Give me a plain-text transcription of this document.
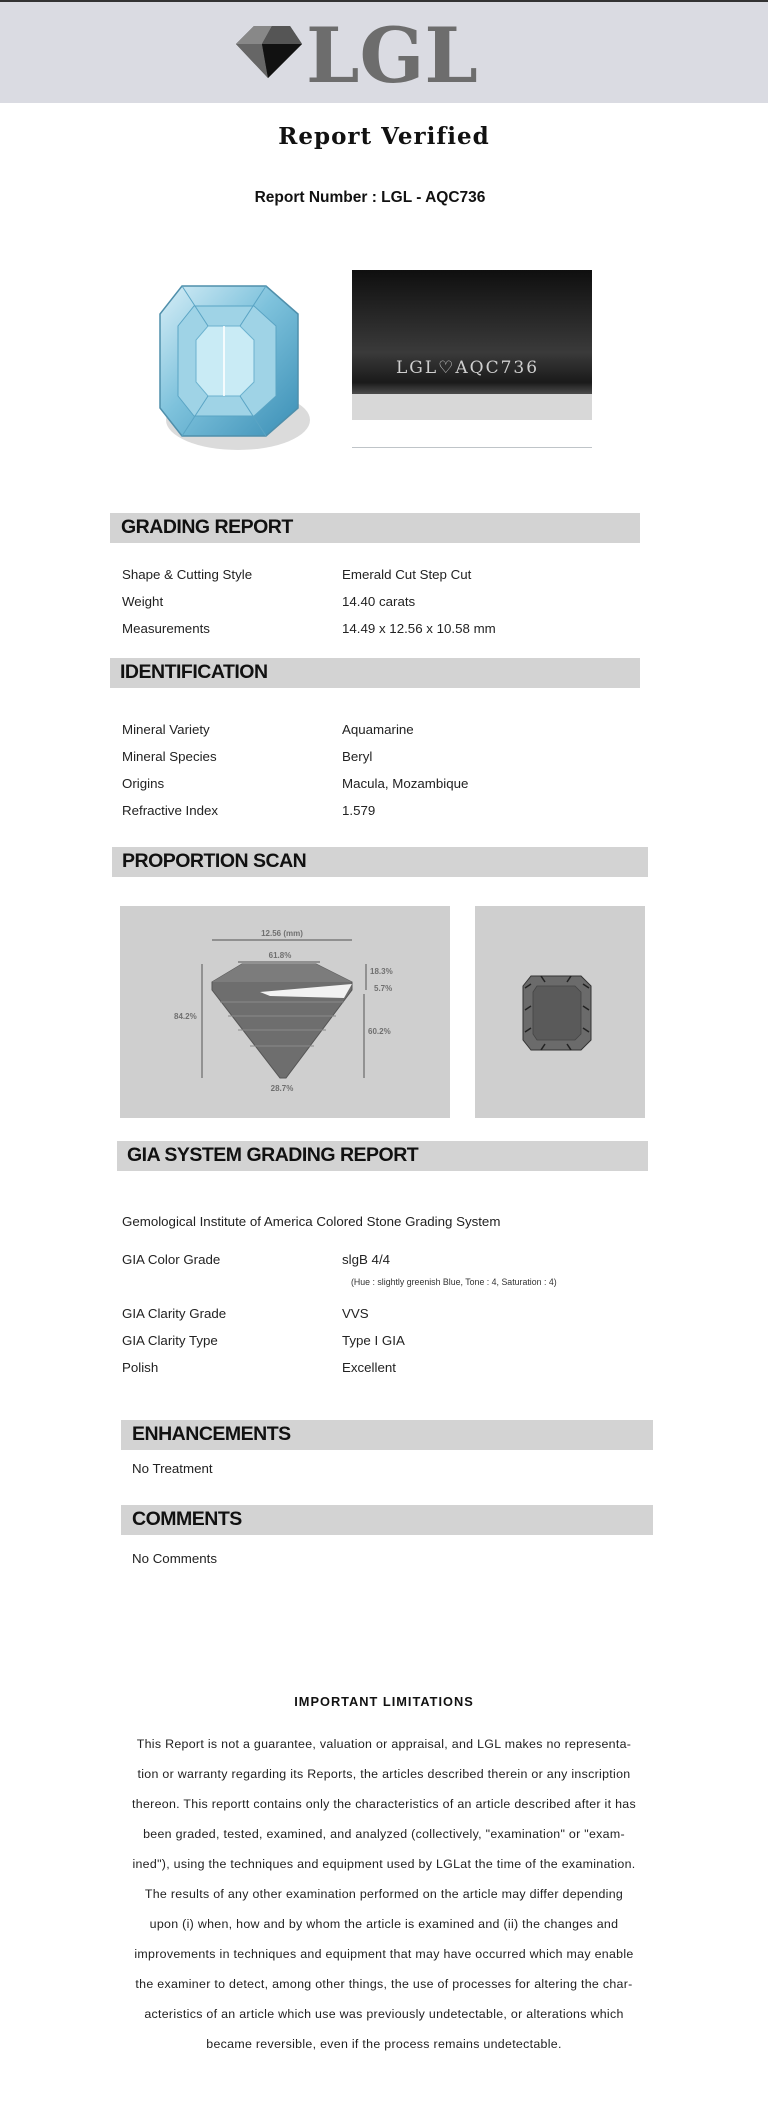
LGL
Report Verified
Report Number : LGL - AQC736
LGL♡AQC736
GRADING REPORT
Shape & Cutting Style	Emerald Cut Step Cut
Weight	14.40 carats
Measurements	14.49 x 12.56 x 10.58 mm
IDENTIFICATION
Mineral Variety	Aquamarine
Mineral Species	Beryl
Origins	Macula, Mozambique
Refractive Index	1.579
PROPORTION SCAN
12.56 (mm)
61.8%
84.2%
18.3%
5.7%
60.2%
28.7%
GIA SYSTEM GRADING REPORT
Gemological Institute of America Colored Stone Grading System
GIA Color Grade	slgB 4/4
(Hue : slightly greenish Blue, Tone : 4, Saturation : 4)
GIA Clarity Grade	VVS
GIA Clarity Type	Type I GIA
Polish	Excellent
ENHANCEMENTS
No Treatment
COMMENTS
No Comments
IMPORTANT LIMITATIONS
This Report is not a guarantee, valuation or appraisal, and LGL makes no representa-
tion or warranty regarding its Reports, the articles described therein or any inscription
thereon. This reportt contains only the characteristics of an article described after it has
been graded, tested, examined, and analyzed (collectively, "examination" or "exam-
ined"), using the techniques and equipment used by LGLat the time of the examination.
The results of any other examination performed on the article may differ depending
upon (i) when, how and by whom the article is examined and (ii) the changes and
improvements in techniques and equipment that may have occurred which may enable
the examiner to detect, among other things, the use of processes for altering the char-
acteristics of an article which use was previously undetectable, or alterations which
became reversible, even if the process remains undetectable.
